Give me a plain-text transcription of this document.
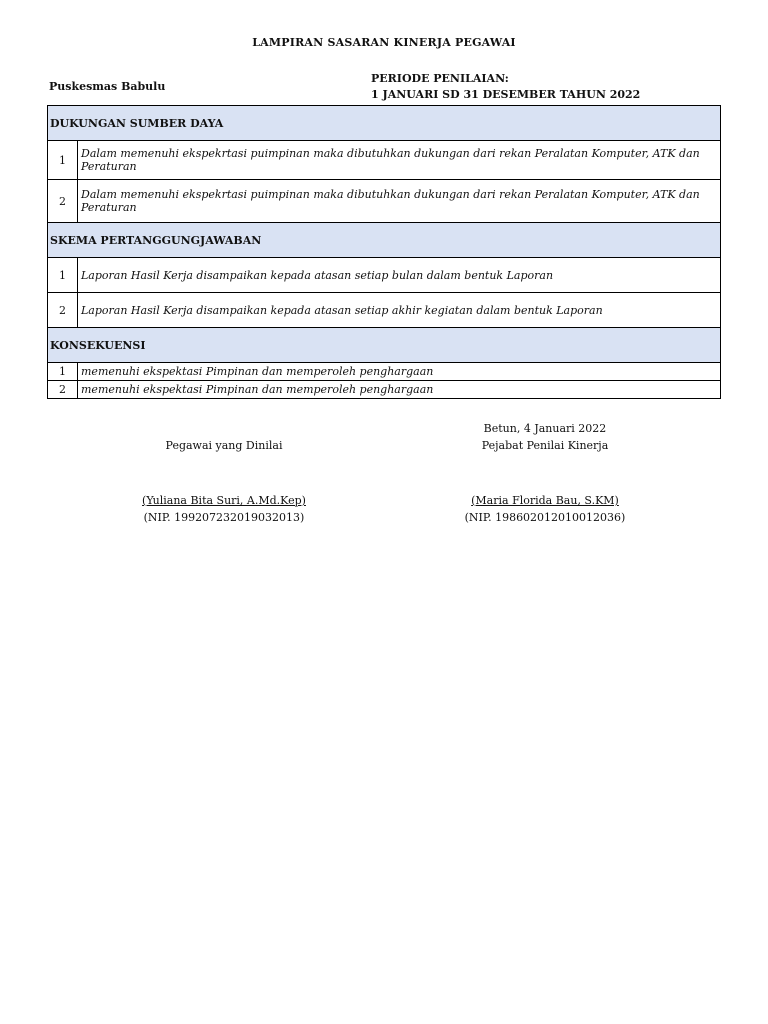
LAMPIRAN SASARAN KINERJA PEGAWAI
Puskesmas Babulu
PERIODE PENILAIAN:
1 JANUARI SD 31 DESEMBER TAHUN 2022
DUKUNGAN SUMBER DAYA	
1	Dalam memenuhi ekspekrtasi puimpinan maka dibutuhkan dukungan dari rekan Peralatan Komputer, ATK dan Peraturan
2	Dalam memenuhi ekspekrtasi puimpinan maka dibutuhkan dukungan dari rekan Peralatan Komputer, ATK dan Peraturan
SKEMA PERTANGGUNGJAWABAN	
1	Laporan Hasil Kerja disampaikan kepada atasan setiap bulan dalam bentuk Laporan
2	Laporan Hasil Kerja disampaikan kepada atasan setiap akhir kegiatan dalam bentuk Laporan
KONSEKUENSI	
1	memenuhi ekspektasi Pimpinan dan memperoleh penghargaan
2	memenuhi ekspektasi Pimpinan dan memperoleh penghargaan
Betun, 4 Januari 2022
Pegawai yang Dinilai	Pejabat Penilai Kinerja
(Yuliana Bita Suri, A.Md.Kep)
(NIP. 199207232019032013)
(Maria Florida Bau, S.KM)
(NIP. 198602012010012036)
